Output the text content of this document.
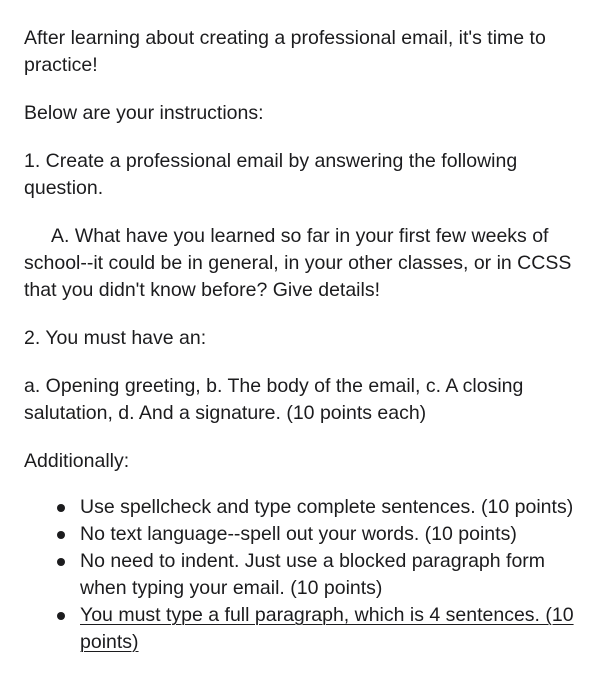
After learning about creating a professional email, it's time to practice!

Below are your instructions:

1. Create a professional email by answering the following question.

A. What have you learned so far in your first few weeks of school--it could be in general, in your other classes, or in CCSS that you didn't know before? Give details!

2. You must have an:

a. Opening greeting, b. The body of the email, c. A closing salutation, d. And a signature. (10 points each)

Additionally:

Use spellcheck and type complete sentences. (10 points)
No text language--spell out your words. (10 points)
No need to indent. Just use a blocked paragraph form when typing your email. (10 points)
You must type a full paragraph, which is 4 sentences. (10 points)
